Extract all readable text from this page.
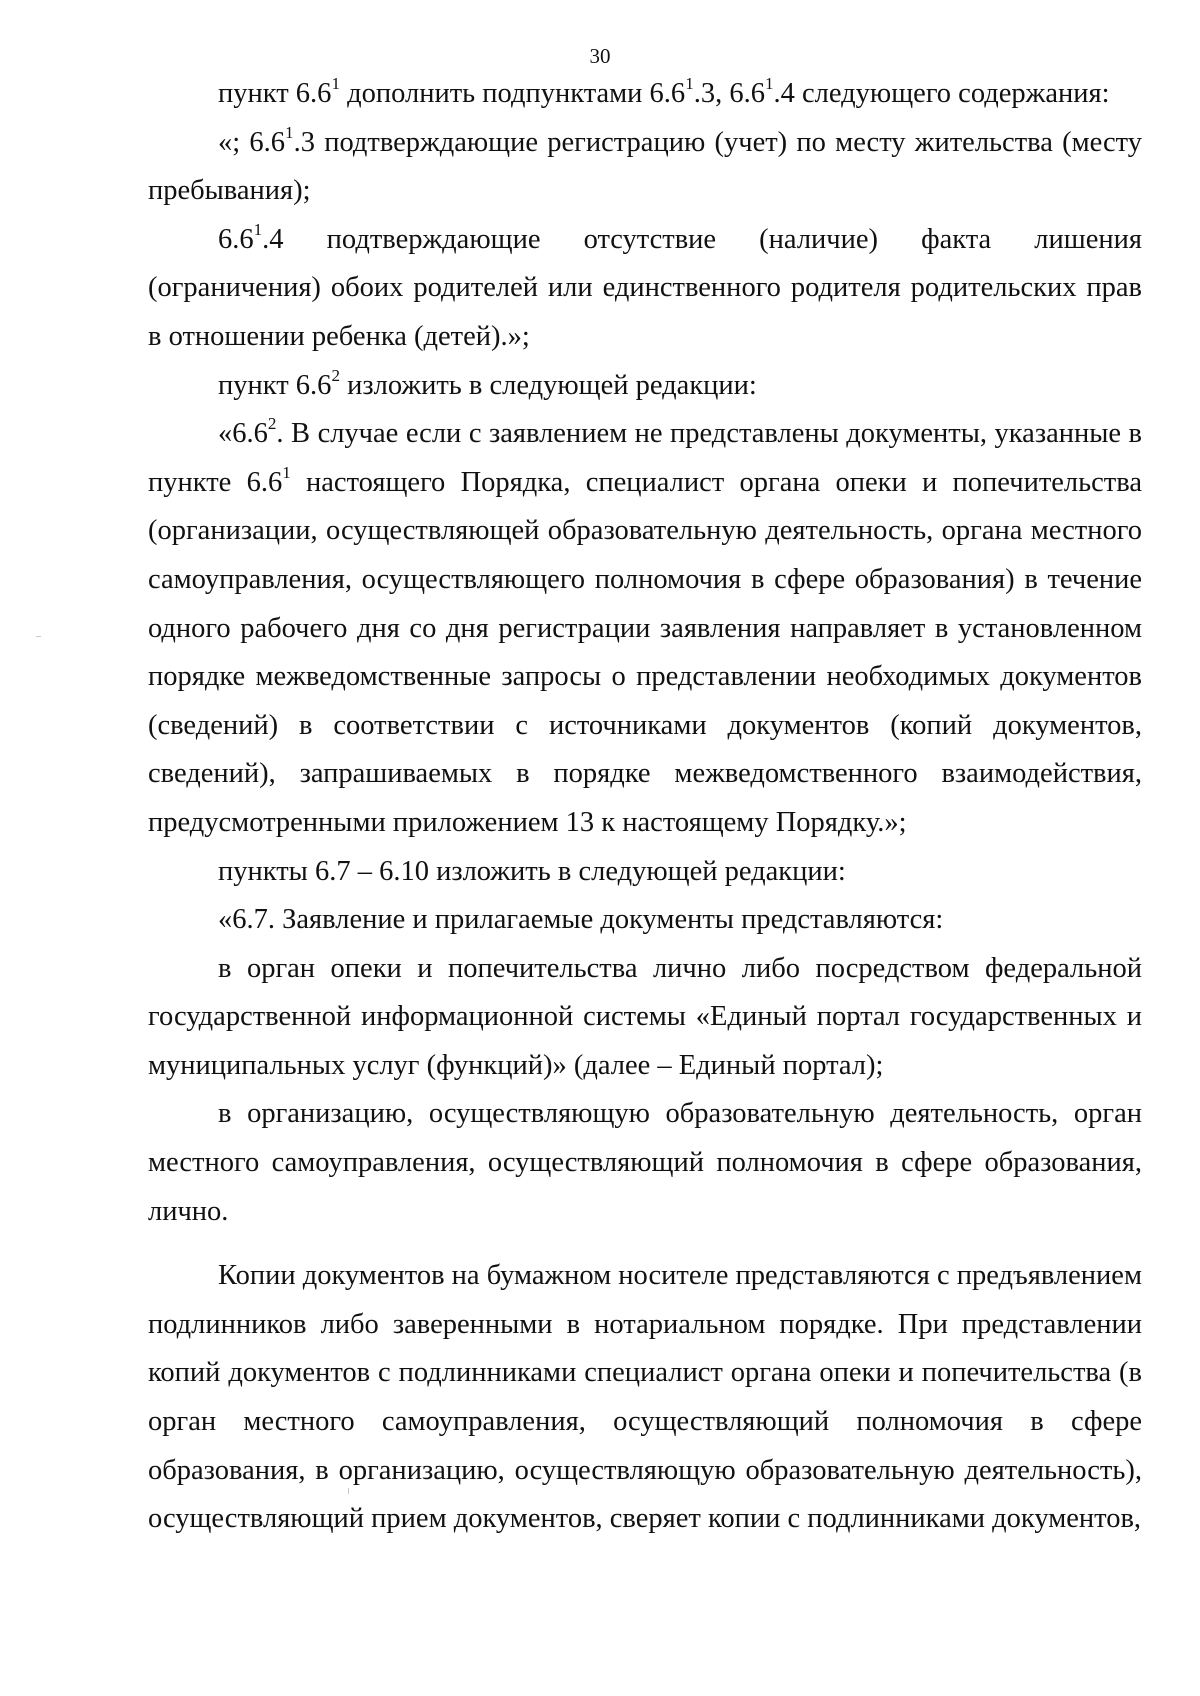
30

пункт $6.6^1$ дополнить подпунктами $6.6^1.3$, $6.6^1.4$ следующего содержания:

«; $6.6^1.3$ подтверждающие регистрацию (учет) по месту жительства (месту пребывания);

$6.6^1.4$ подтверждающие отсутствие (наличие) факта лишения (ограничения) обоих родителей или единственного родителя родительских прав в отношении ребенка (детей).»;

пункт $6.6^2$ изложить в следующей редакции:

«$6.6^2$. В случае если с заявлением не представлены документы, указанные в пункте $6.6^1$ настоящего Порядка, специалист органа опеки и попечительства (организации, осуществляющей образовательную деятельность, органа местного самоуправления, осуществляющего полномочия в сфере образования) в течение одного рабочего дня со дня регистрации заявления направляет в установленном порядке межведомственные запросы о представлении необходимых документов (сведений) в соответствии с источниками документов (копий документов, сведений), запрашиваемых в порядке межведомственного взаимодействия, предусмотренными приложением 13 к настоящему Порядку.»;

пункты 6.7 – 6.10 изложить в следующей редакции:

«6.7. Заявление и прилагаемые документы представляются:

в орган опеки и попечительства лично либо посредством федеральной государственной информационной системы «Единый портал государственных и муниципальных услуг (функций)» (далее – Единый портал);

в организацию, осуществляющую образовательную деятельность, орган местного самоуправления, осуществляющий полномочия в сфере образования, лично.

Копии документов на бумажном носителе представляются с предъявлением подлинников либо заверенными в нотариальном порядке. При представлении копий документов с подлинниками специалист органа опеки и попечительства (в орган местного самоуправления, осуществляющий полномочия в сфере образования, в организацию, осуществляющую образовательную деятельность), осуществляющий прием документов, сверяет копии с подлинниками документов,
